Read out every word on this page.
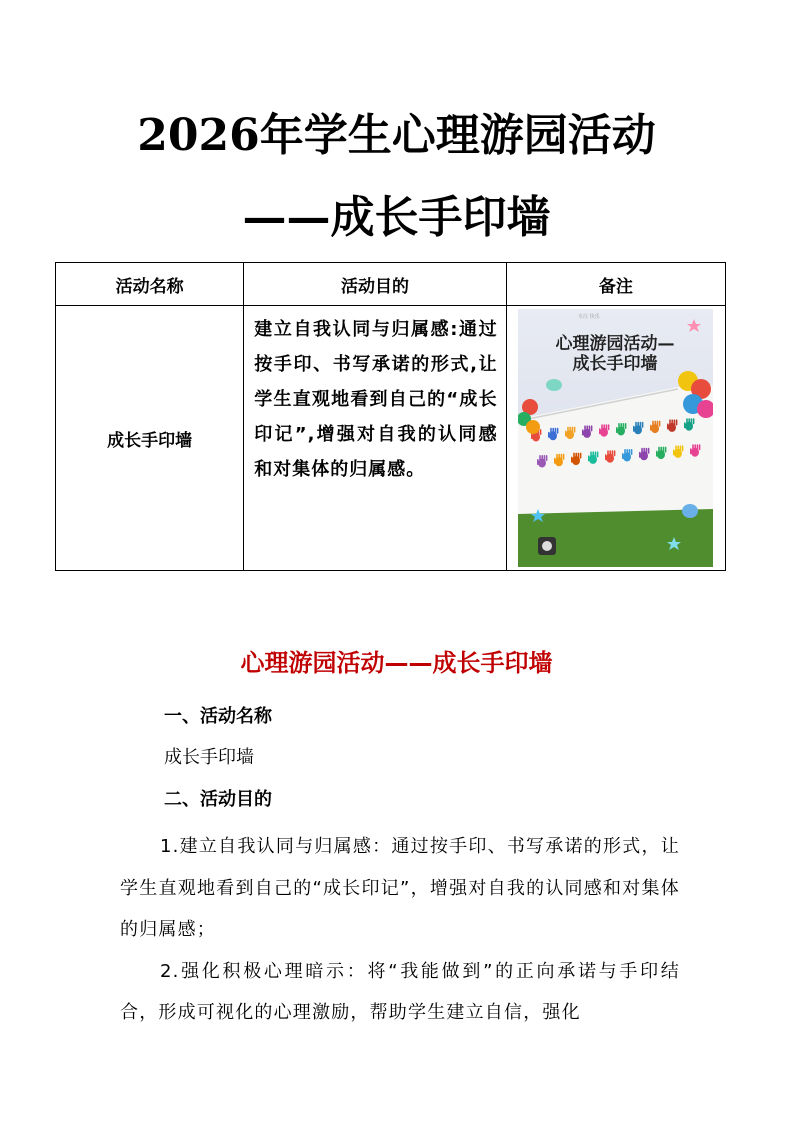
2026年学生心理游园活动
——成长手印墙
活动名称	活动目的	备注
成长手印墙	建立自我认同与归属感:通过按手印、书写承诺的形式,让学生直观地看到自己的“成长印记”,增强对自我的认同感和对集体的归属感。	专注 快乐
心理游园活动—
成长手印墙
心理游园活动——成长手印墙
一、活动名称
成长手印墙
二、活动目的

1.建立自我认同与归属感：通过按手印、书写承诺的形式，让学生直观地看到自己的“成长印记”，增强对自我的认同感和对集体的归属感；

2.强化积极心理暗示：将“我能做到”的正向承诺与手印结合，形成可视化的心理激励，帮助学生建立自信，强化
